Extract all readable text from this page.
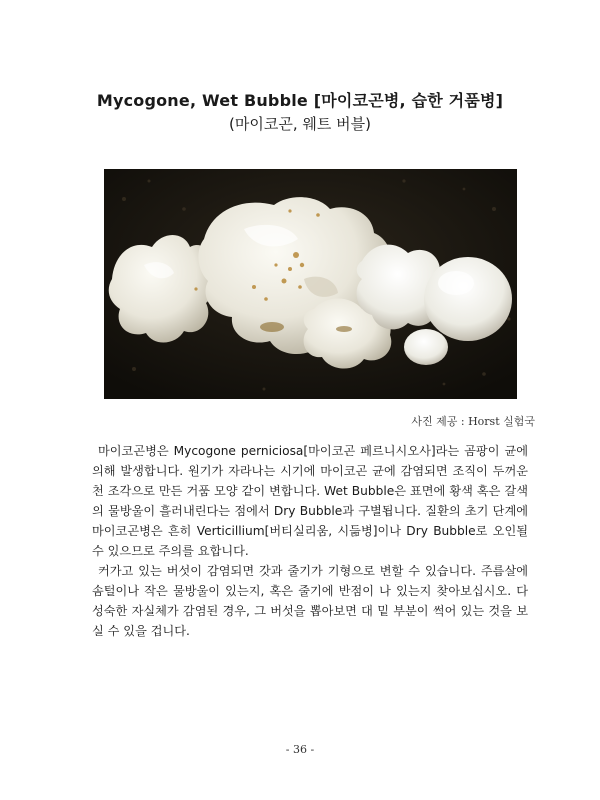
Mycogone, Wet Bubble [마이코곤병, 습한 거품병]
(마이코곤, 웨트 버블)
사진 제공 : Horst 실험국

마이코곤병은 Mycogone perniciosa[마이코곤 페르니시오사]라는 곰팡이 균에 의해 발생합니다. 원기가 자라나는 시기에 마이코곤 균에 감염되면 조직이 두꺼운 천 조각으로 만든 거품 모양 같이 변합니다. Wet Bubble은 표면에 황색 혹은 갈색의 물방울이 흘러내린다는 점에서 Dry Bubble과 구별됩니다. 질환의 초기 단계에 마이코곤병은 흔히 Verticillium[버티실리움, 시듦병]이나 Dry Bubble로 오인될 수 있으므로 주의를 요합니다.

커가고 있는 버섯이 감염되면 갓과 줄기가 기형으로 변할 수 있습니다. 주름살에 솜털이나 작은 물방울이 있는지, 혹은 줄기에 반점이 나 있는지 찾아보십시오. 다 성숙한 자실체가 감염된 경우, 그 버섯을 뽑아보면 대 밑 부분이 썩어 있는 것을 보실 수 있을 겁니다.

- 36 -
